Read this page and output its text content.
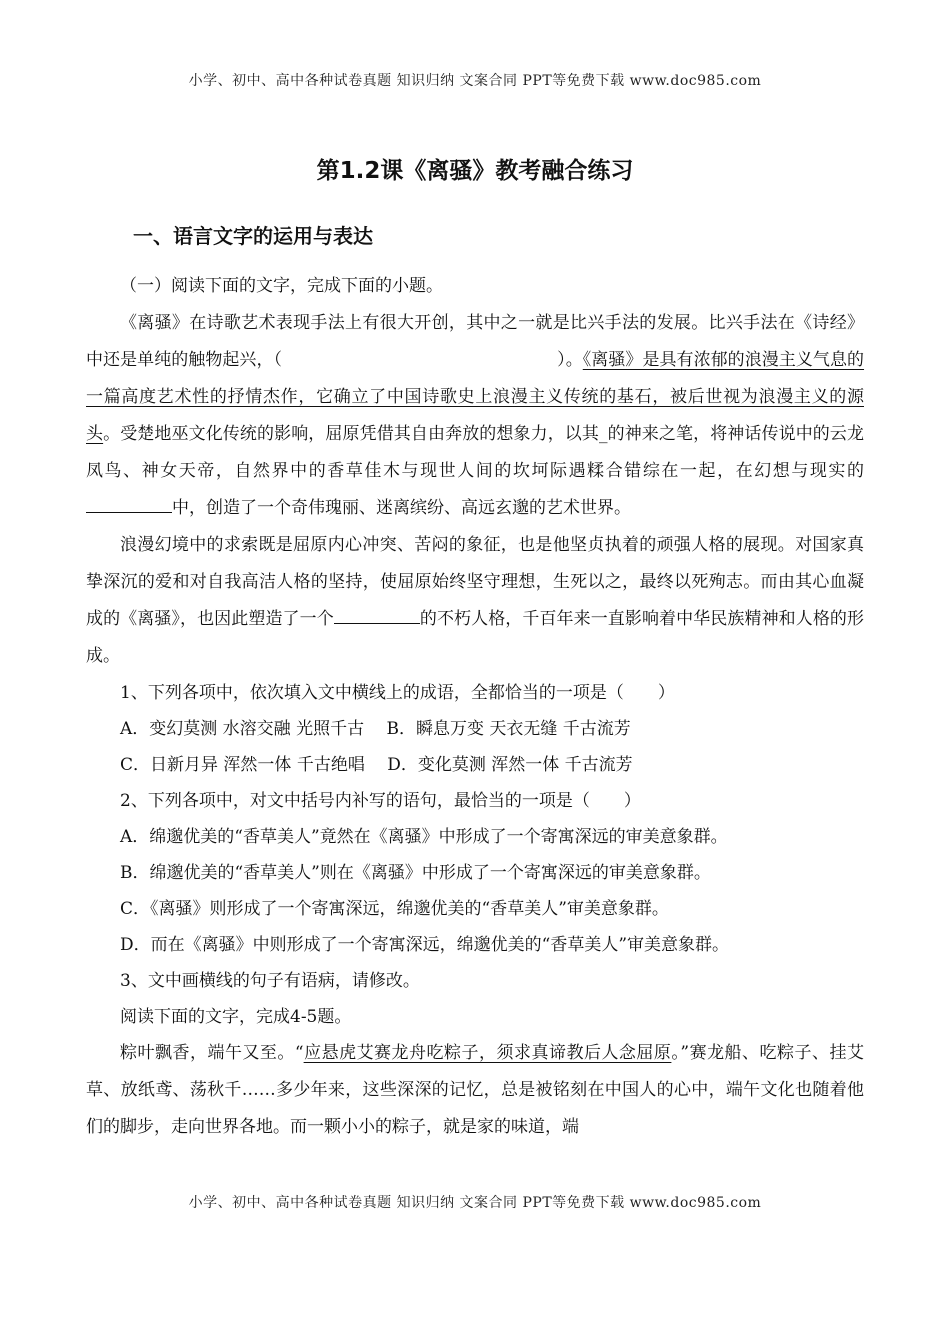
小学、初中、高中各种试卷真题 知识归纳 文案合同 PPT等免费下载 www.doc985.com
第1.2课《离骚》教考融合练习
一、语言文字的运用与表达

（一）阅读下面的文字，完成下面的小题。

《离骚》在诗歌艺术表现手法上有很大开创，其中之一就是比兴手法的发展。比兴手法在《诗经》中还是单纯的触物起兴，（	）。《离骚》是具有浓郁的浪漫主义气息的一篇高度艺术性的抒情杰作，它确立了中国诗歌史上浪漫主义传统的基石，被后世视为浪漫主义的源头。受楚地巫文化传统的影响，屈原凭借其自由奔放的想象力，以其_的神来之笔，将神话传说中的云龙凤鸟、神女天帝，自然界中的香草佳木与现世人间的坎坷际遇糅合错综在一起，在幻想与现实的中，创造了一个奇伟瑰丽、迷离缤纷、高远玄邈的艺术世界。

浪漫幻境中的求索既是屈原内心冲突、苦闷的象征，也是他坚贞执着的顽强人格的展现。对国家真挚深沉的爱和对自我高洁人格的坚持，使屈原始终坚守理想，生死以之，最终以死殉志。而由其心血凝成的《离骚》，也因此塑造了一个	的不朽人格，千百年来一直影响着中华民族精神和人格的形成。

1、下列各项中，依次填入文中横线上的成语，全都恰当的一项是（　　）

A．变幻莫测 水溶交融 光照千古　 B．瞬息万变 天衣无缝 千古流芳

C．日新月异 浑然一体 千古绝唱　 D．变化莫测 浑然一体 千古流芳

2、下列各项中，对文中括号内补写的语句，最恰当的一项是（　　）

A．绵邈优美的“香草美人”竟然在《离骚》中形成了一个寄寓深远的审美意象群。

B．绵邈优美的“香草美人”则在《离骚》中形成了一个寄寓深远的审美意象群。

C．《离骚》则形成了一个寄寓深远，绵邈优美的“香草美人”审美意象群。

D．而在《离骚》中则形成了一个寄寓深远，绵邈优美的“香草美人”审美意象群。

3、文中画横线的句子有语病，请修改。

阅读下面的文字，完成4-5题。

粽叶飘香，端午又至。“应悬虎艾赛龙舟吃粽子，须求真谛教后人念屈原。”赛龙船、吃粽子、挂艾草、放纸鸢、荡秋千……多少年来，这些深深的记忆，总是被铭刻在中国人的心中，端午文化也随着他们的脚步，走向世界各地。而一颗小小的粽子，就是家的味道，端

小学、初中、高中各种试卷真题 知识归纳 文案合同 PPT等免费下载 www.doc985.com
